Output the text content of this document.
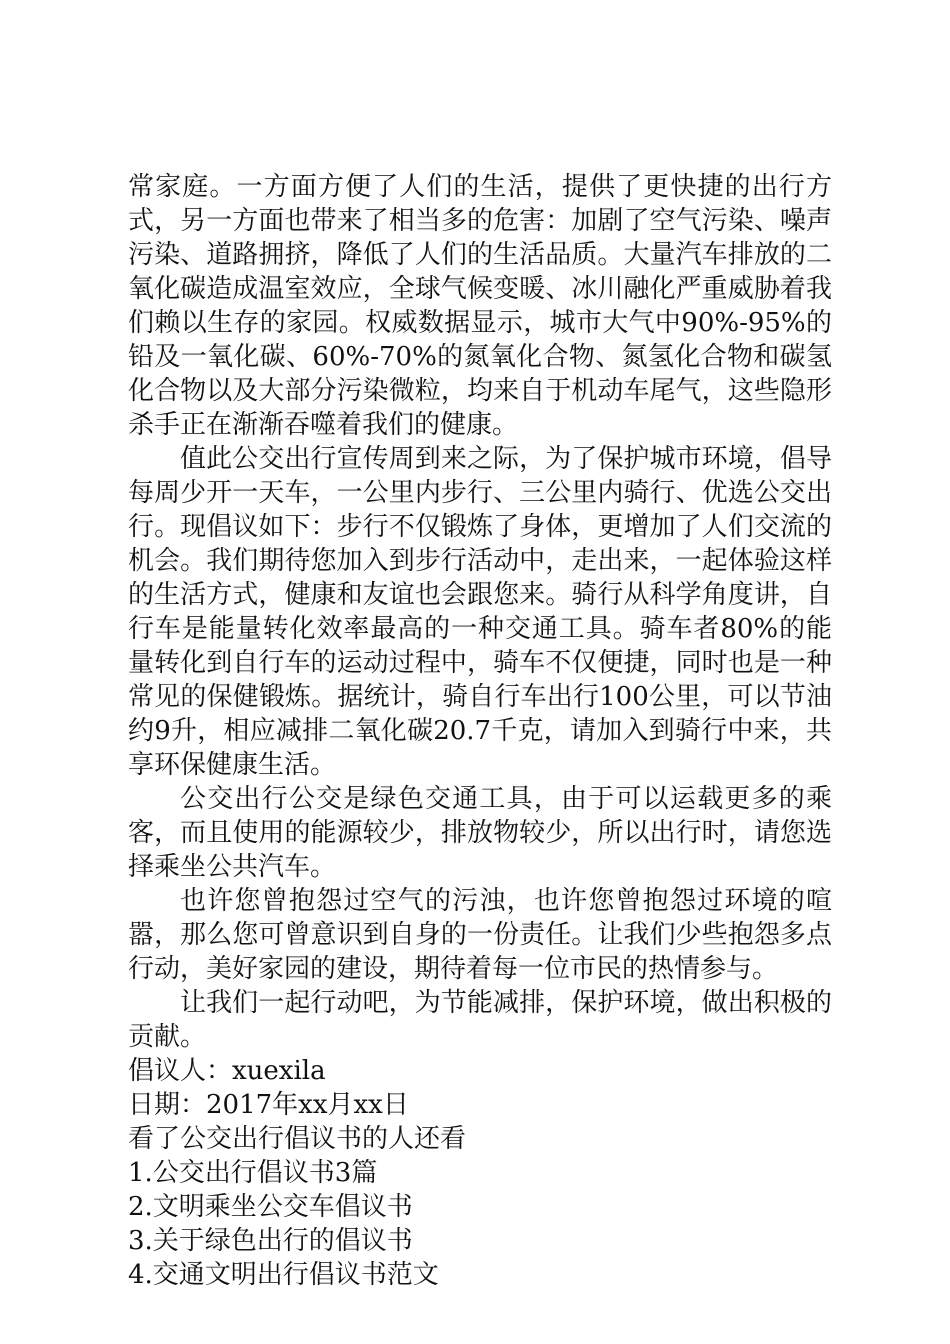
常家庭。一方面方便了人们的生活，提供了更快捷的出行方式，另一方面也带来了相当多的危害：加剧了空气污染、噪声污染、道路拥挤，降低了人们的生活品质。大量汽车排放的二氧化碳造成温室效应，全球气候变暖、冰川融化严重威胁着我们赖以生存的家园。权威数据显示，城市大气中90%-95%的铅及一氧化碳、60%-70%的氮氧化合物、氮氢化合物和碳氢化合物以及大部分污染微粒，均来自于机动车尾气，这些隐形杀手正在渐渐吞噬着我们的健康。

值此公交出行宣传周到来之际，为了保护城市环境，倡导每周少开一天车，一公里内步行、三公里内骑行、优选公交出行。现倡议如下：步行不仅锻炼了身体，更增加了人们交流的机会。我们期待您加入到步行活动中，走出来，一起体验这样的生活方式，健康和友谊也会跟您来。骑行从科学角度讲，自行车是能量转化效率最高的一种交通工具。骑车者80%的能量转化到自行车的运动过程中，骑车不仅便捷，同时也是一种常见的保健锻炼。据统计，骑自行车出行100公里，可以节油约9升，相应减排二氧化碳20.7千克，请加入到骑行中来，共享环保健康生活。

公交出行公交是绿色交通工具，由于可以运载更多的乘客，而且使用的能源较少，排放物较少，所以出行时，请您选择乘坐公共汽车。

也许您曾抱怨过空气的污浊，也许您曾抱怨过环境的喧嚣，那么您可曾意识到自身的一份责任。让我们少些抱怨多点行动，美好家园的建设，期待着每一位市民的热情参与。

让我们一起行动吧，为节能减排，保护环境，做出积极的贡献。

倡议人：xuexila

日期：2017年xx月xx日

看了公交出行倡议书的人还看

1.公交出行倡议书3篇

2.文明乘坐公交车倡议书

3.关于绿色出行的倡议书

4.交通文明出行倡议书范文
